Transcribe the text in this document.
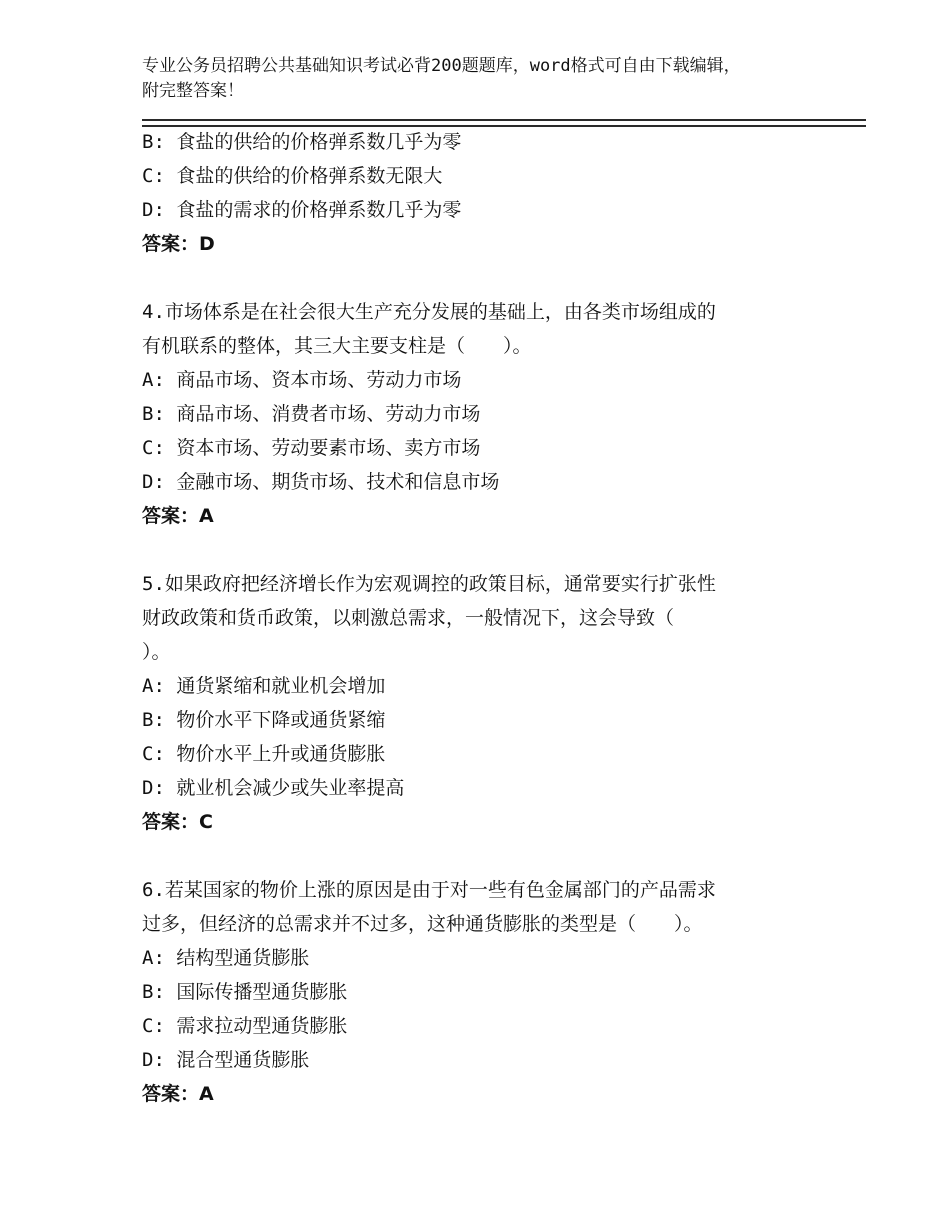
专业公务员招聘公共基础知识考试必背200题题库，word格式可自由下载编辑，
附完整答案！
B: 食盐的供给的价格弹系数几乎为零
C: 食盐的供给的价格弹系数无限大
D: 食盐的需求的价格弹系数几乎为零
答案：D
4.市场体系是在社会很大生产充分发展的基础上，由各类市场组成的
有机联系的整体，其三大主要支柱是（　　）。
A: 商品市场、资本市场、劳动力市场
B: 商品市场、消费者市场、劳动力市场
C: 资本市场、劳动要素市场、卖方市场
D: 金融市场、期货市场、技术和信息市场
答案：A
5.如果政府把经济增长作为宏观调控的政策目标，通常要实行扩张性
财政政策和货币政策，以刺激总需求，一般情况下，这会导致（
）。
A: 通货紧缩和就业机会增加
B: 物价水平下降或通货紧缩
C: 物价水平上升或通货膨胀
D: 就业机会减少或失业率提高
答案：C
6.若某国家的物价上涨的原因是由于对一些有色金属部门的产品需求
过多，但经济的总需求并不过多，这种通货膨胀的类型是（　　）。
A: 结构型通货膨胀
B: 国际传播型通货膨胀
C: 需求拉动型通货膨胀
D: 混合型通货膨胀
答案：A
